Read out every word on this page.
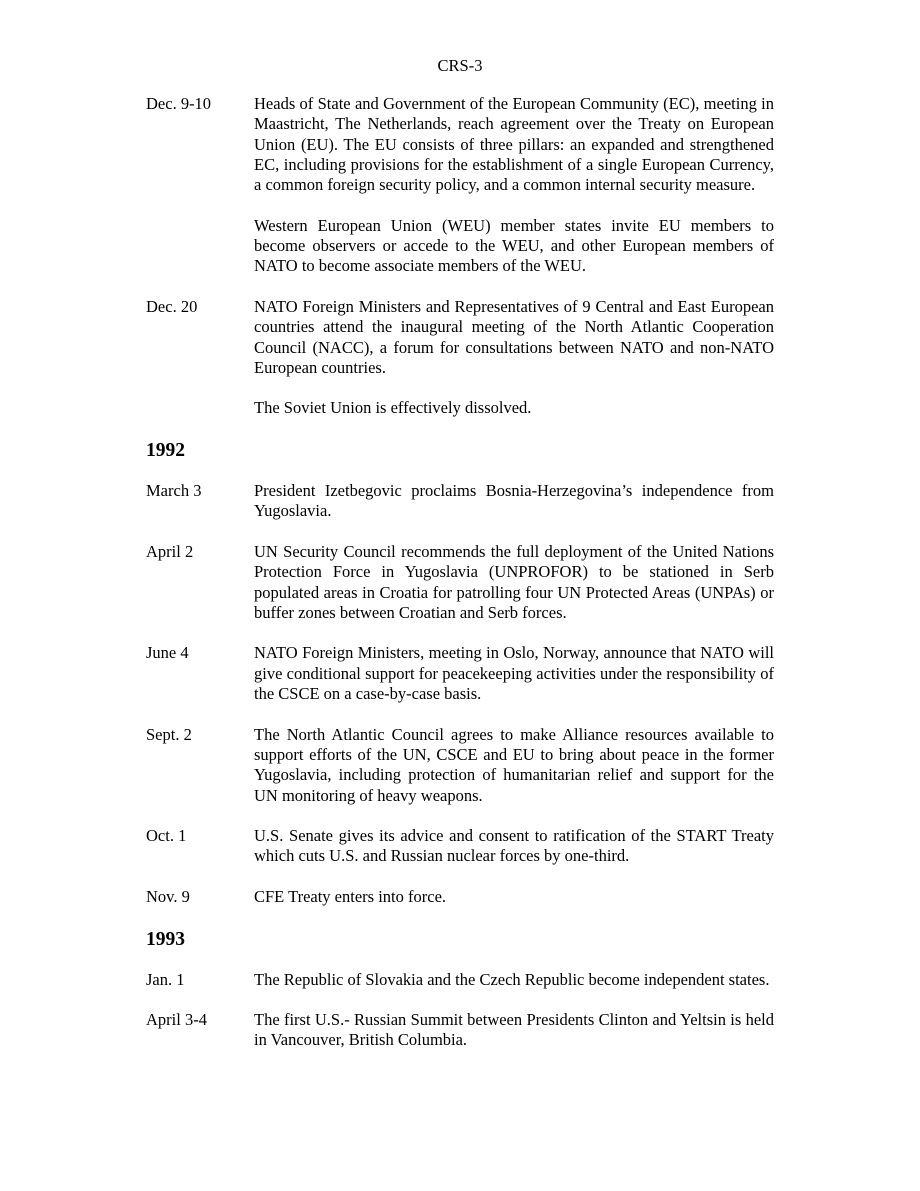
CRS-3
Dec. 9-10	Heads of State and Government of the European Community (EC), meeting in Maastricht, The Netherlands, reach agreement over the Treaty on European Union (EU). The EU consists of three pillars: an expanded and strengthened EC, including provisions for the establishment of a single European Currency, a common foreign security policy, and a common internal security measure.

Western European Union (WEU) member states invite EU members to become observers or accede to the WEU, and other European members of NATO to become associate members of the WEU.

Dec. 20	NATO Foreign Ministers and Representatives of 9 Central and East European countries attend the inaugural meeting of the North Atlantic Cooperation Council (NACC), a forum for consultations between NATO and non-NATO European countries.

The Soviet Union is effectively dissolved.

1992
March 3	President Izetbegovic proclaims Bosnia-Herzegovina’s independence from Yugoslavia.
April 2	UN Security Council recommends the full deployment of the United Nations Protection Force in Yugoslavia (UNPROFOR) to be stationed in Serb populated areas in Croatia for patrolling four UN Protected Areas (UNPAs) or buffer zones between Croatian and Serb forces.
June 4	NATO Foreign Ministers, meeting in Oslo, Norway, announce that NATO will give conditional support for peacekeeping activities under the responsibility of the CSCE on a case-by-case basis.
Sept. 2	The North Atlantic Council agrees to make Alliance resources available to support efforts of the UN, CSCE and EU to bring about peace in the former Yugoslavia, including protection of humanitarian relief and support for the UN monitoring of heavy weapons.
Oct. 1	U.S. Senate gives its advice and consent to ratification of the START Treaty which cuts U.S. and Russian nuclear forces by one-third.
Nov. 9	CFE Treaty enters into force.
1993
Jan. 1	The Republic of Slovakia and the Czech Republic become independent states.
April 3-4	The first U.S.- Russian Summit between Presidents Clinton and Yeltsin is held in Vancouver, British Columbia.
